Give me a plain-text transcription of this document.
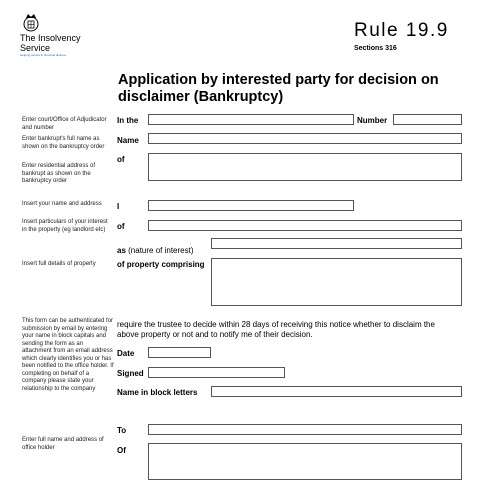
The Insolvency
Service
Helping people in financial distress
Rule 19.9
Sections 316
Application by interested party for decision on disclaimer (Bankruptcy)
Enter court/Office of Adjudicator and number
Enter bankrupt's full name as shown on the bankruptcy order
Enter residential address of bankrupt as shown on the bankruptcy order
Insert your name and address
Insert particulars of your interest in the property (eg landlord etc)
Insert full details of property
This form can be authenticated for submission by email by entering your name in block capitals and sending the form as an attachment from an email address which clearly identifies you or has been notified to the office holder. If completing on behalf of a company please state your relationship to the company
Enter full name and address of office holder
In the	Number
Name
of
I
of
as (nature of interest)
of property comprising
require the trustee to decide within 28 days of receiving this notice whether to disclaim the above property or not and to notify me of their decision.
Date
Signed
Name in block letters
To
Of
